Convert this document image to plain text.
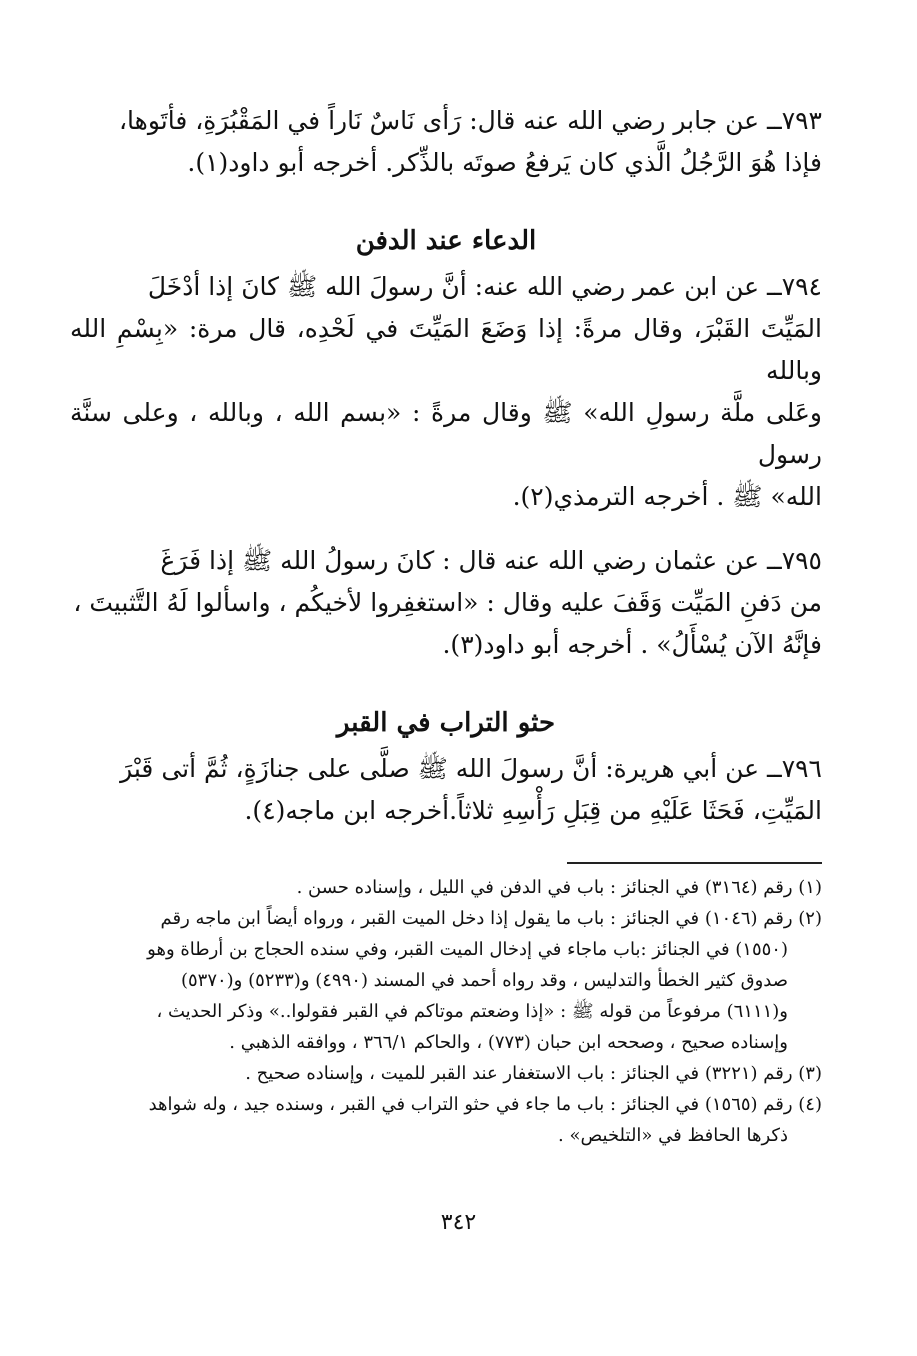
٧٩٣ــ عن جابر رضي الله عنه قال: رَأى نَاسٌ نَاراً في المَقْبُرَةِ، فأتَوها،

فإذا هُوَ الرَّجُلُ الَّذي كان يَرفعُ صوتَه بالذِّكر. أخرجه أبو داود(١).

الدعاء عند الدفن

٧٩٤ــ عن ابن عمر رضي الله عنه: أنَّ رسولَ الله ﷺ كانَ إذا أدْخَلَ

المَيِّتَ القَبْرَ، وقال مرةً: إذا وَضَعَ المَيِّتَ في لَحْدِه، قال مرة: «بِسْمِ الله وبالله

وعَلى ملَّة رسولِ الله» ﷺ وقال مرةً : «بسم الله ، وبالله ، وعلى سنَّة رسول

الله» ﷺ . أخرجه الترمذي(٢).

٧٩٥ــ عن عثمان رضي الله عنه قال : كانَ رسولُ الله ﷺ إذا فَرَغَ

من دَفنِ المَيِّت وَقَفَ عليه وقال : «استغفِروا لأخيكُم ، واسألوا لَهُ التَّثبيتَ ،

فإنَّهُ الآن يُسْأَلُ» . أخرجه أبو داود(٣).

حثو التراب في القبر

٧٩٦ــ عن أبي هريرة: أنَّ رسولَ الله ﷺ صلَّى على جنازَةٍ، ثُمَّ أتى قَبْرَ

المَيِّتِ، فَحَثَا عَلَيْهِ من قِبَلِ رَأْسِهِ ثلاثاً.أخرجه ابن ماجه(٤).

(١) رقم (٣١٦٤) في الجنائز : باب في الدفن في الليل ، وإسناده حسن .

(٢) رقم (١٠٤٦) في الجنائز : باب ما يقول إذا دخل الميت القبر ، ورواه أيضاً ابن ماجه رقم

(١٥٥٠) في الجنائز :باب ماجاء في إدخال الميت القبر، وفي سنده الحجاج بن أرطاة وهو

صدوق كثير الخطأ والتدليس ، وقد رواه أحمد في المسند (٤٩٩٠) و(٥٢٣٣) و(٥٣٧٠)

و(٦١١١) مرفوعاً من قوله ﷺ : «إذا وضعتم موتاكم في القبر فقولوا..» وذكر الحديث ،

وإسناده صحيح ، وصححه ابن حبان (٧٧٣) ، والحاكم ٣٦٦/١ ، ووافقه الذهبي .

(٣) رقم (٣٢٢١) في الجنائز : باب الاستغفار عند القبر للميت ، وإسناده صحيح .

(٤) رقم (١٥٦٥) في الجنائز : باب ما جاء في حثو التراب في القبر ، وسنده جيد ، وله شواهد

ذكرها الحافظ في «التلخيص» .

٣٤٢
